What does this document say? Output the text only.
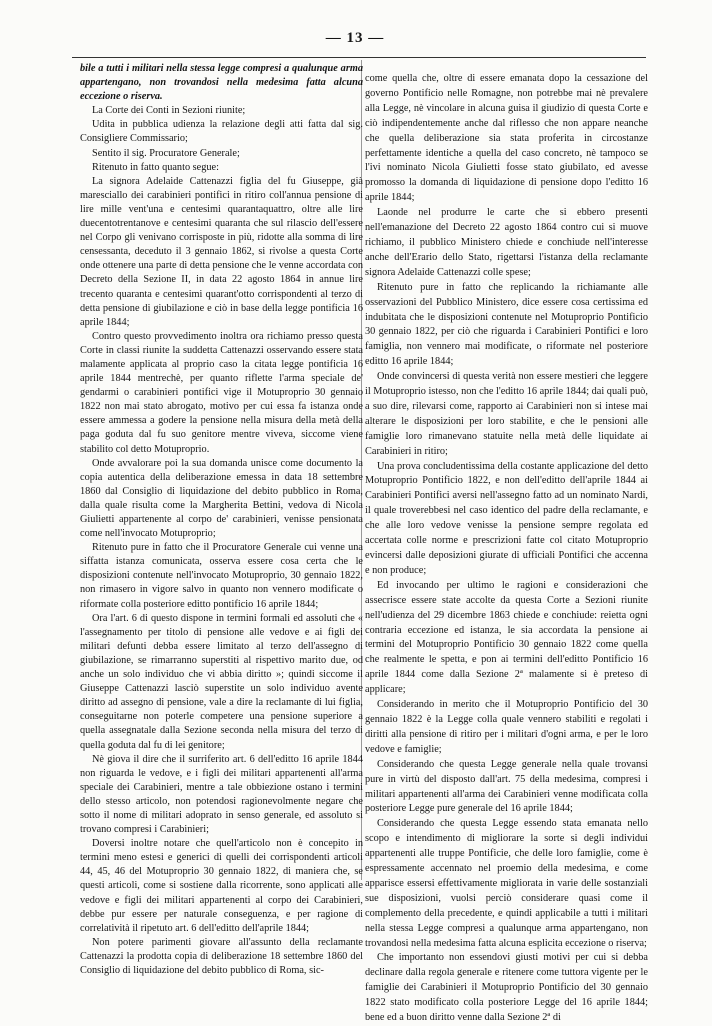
— 13 —

bile a tutti i militari nella stessa legge compresi a qualunque arma appartengano, non trovandosi nella medesima fatta alcuna eccezione o riserva.

La Corte dei Conti in Sezioni riunite;

Udita in pubblica udienza la relazione degli atti fatta dal sig. Consigliere Commissario;

Sentito il sig. Procuratore Generale;

Ritenuto in fatto quanto segue:

La signora Adelaide Cattenazzi figlia del fu Giuseppe, già maresciallo dei carabinieri pontifici in ritiro coll'annua pensione di lire mille vent'una e centesimi quarantaquattro, oltre alle lire duecentotrentanove e centesimi quaranta che sul rilascio dell'essere nel Corpo gli venivano corrisposte in più, ridotte alla somma di lire censessanta, deceduto il 3 gennaio 1862, si rivolse a questa Corte onde ottenere una parte di detta pensione che le venne accordata con Decreto della Sezione II, in data 22 agosto 1864 in annue lire trecento quaranta e centesimi quarant'otto corrispondenti al terzo di detta pensione di giubilazione e ciò in base della legge pontificia 16 aprile 1844;

Contro questo provvedimento inoltra ora richiamo presso questa Corte in classi riunite la suddetta Cattenazzi osservando essere stata malamente applicata al proprio caso la citata legge pontificia 16 aprile 1844 mentrechè, per quanto riflette l'arma speciale de' gendarmi o carabinieri pontifici vige il Motuproprio 30 gennaio 1822 non mai stato abrogato, motivo per cui essa fa istanza onde essere ammessa a godere la pensione nella misura della metà della paga goduta dal fu suo genitore mentre viveva, siccome viene stabilito col detto Motuproprio.

Onde avvalorare poi la sua domanda unisce come documento la copia autentica della deliberazione emessa in data 18 settembre 1860 dal Consiglio di liquidazione del debito pubblico in Roma, dalla quale risulta come la Margherita Bettini, vedova di Nicola Giulietti appartenente al corpo de' carabinieri, venisse pensionata come nell'invocato Motuproprio;

Ritenuto pure in fatto che il Procuratore Generale cui venne una siffatta istanza comunicata, osserva essere cosa certa che le disposizioni contenute nell'invocato Motuproprio, 30 gennaio 1822, non rimasero in vigore salvo in quanto non vennero modificate o riformate colla posteriore editto pontificio 16 aprile 1844;

Ora l'art. 6 di questo dispone in termini formali ed assoluti che « l'assegnamento per titolo di pensione alle vedove e ai figli dei militari defunti debba essere limitato al terzo dell'assegno di giubilazione, se rimarranno superstiti al rispettivo marito due, od anche un solo individuo che vi abbia diritto »; quindi siccome il Giuseppe Cattenazzi lasciò superstite un solo individuo avente diritto ad assegno di pensione, vale a dire la reclamante di lui figlia, conseguitarne non poterle competere una pensione superiore a quella assegnatale dalla Sezione seconda nella misura del terzo di quella goduta dal fu di lei genitore;

Nè giova il dire che il surriferito art. 6 dell'editto 16 aprile 1844 non riguarda le vedove, e i figli dei militari appartenenti all'arma speciale dei Carabinieri, mentre a tale obbiezione ostano i termini dello stesso articolo, non potendosi ragionevolmente negare che sotto il nome di militari adoprato in senso generale, ed assoluto si trovano compresi i Carabinieri;

Doversi inoltre notare che quell'articolo non è concepito in termini meno estesi e generici di quelli dei corrispondenti articoli 44, 45, 46 del Motuproprio 30 gennaio 1822, di maniera che, se questi articoli, come si sostiene dalla ricorrente, sono applicati alle vedove e figli dei militari appartenenti al corpo dei Carabinieri, debbe pur essere per naturale conseguenza, e per ragione di correlatività il ripetuto art. 6 dell'editto dell'aprile 1844;

Non potere parimenti giovare all'assunto della reclamante Cattenazzi la prodotta copia di deliberazione 18 settembre 1860 del Consiglio di liquidazione del debito pubblico di Roma, sic-

come quella che, oltre di essere emanata dopo la cessazione del governo Pontificio nelle Romagne, non potrebbe mai nè prevalere alla Legge, nè vincolare in alcuna guisa il giudizio di questa Corte e ciò indipendentemente anche dal riflesso che non appare neanche che quella deliberazione sia stata proferita in circostanze perfettamente identiche a quella del caso concreto, nè tampoco se l'ivi nominato Nicola Giulietti fosse stato giubilato, ed avesse promosso la domanda di liquidazione di pensione dopo l'editto 16 aprile 1844;

Laonde nel produrre le carte che si ebbero presenti nell'emanazione del Decreto 22 agosto 1864 contro cui si muove richiamo, il pubblico Ministero chiede e conchiude nell'interesse anche dell'Erario dello Stato, rigettarsi l'istanza della reclamante signora Adelaide Cattenazzi colle spese;

Ritenuto pure in fatto che replicando la richiamante alle osservazioni del Pubblico Ministero, dice essere cosa certissima ed indubitata che le disposizioni contenute nel Motuproprio Pontificio 30 gennaio 1822, per ciò che riguarda i Carabinieri Pontifici e loro famiglia, non vennero mai modificate, o riformate nel posteriore editto 16 aprile 1844;

Onde convincersi di questa verità non essere mestieri che leggere il Motuproprio istesso, non che l'editto 16 aprile 1844; dai quali può, a suo dire, rilevarsi come, rapporto ai Carabinieri non si intese mai alterare le disposizioni per loro stabilite, e che le pensioni alle famiglie loro rimanevano statuite nella metà delle liquidate ai Carabinieri in ritiro;

Una prova concludentissima della costante applicazione del detto Motuproprio Pontificio 1822, e non dell'editto dell'aprile 1844 ai Carabinieri Pontifici aversi nell'assegno fatto ad un nominato Nardi, il quale troverebbesi nel caso identico del padre della reclamante, e che alle loro vedove venisse la pensione sempre regolata ed accertata colle norme e prescrizioni fatte col citato Motuproprio evincersi dalle deposizioni giurate di ufficiali Pontifici che accenna e non produce;

Ed invocando per ultimo le ragioni e considerazioni che assecrisce essere state accolte da questa Corte a Sezioni riunite nell'udienza del 29 dicembre 1863 chiede e conchiude: reietta ogni contraria eccezione ed istanza, le sia accordata la pensione ai termini del Motuproprio Pontificio 30 gennaio 1822 come quella che realmente le spetta, e pon ai termini dell'editto Pontificio 16 aprile 1844 come dalla Sezione 2ª malamente si è preteso di applicare;

Considerando in merito che il Motuproprio Pontificio del 30 gennaio 1822 è la Legge colla quale vennero stabiliti e regolati i diritti alla pensione di ritiro per i militari d'ogni arma, e per le loro vedove e famiglie;

Considerando che questa Legge generale nella quale trovansi pure in virtù del disposto dall'art. 75 della medesima, compresi i militari appartenenti all'arma dei Carabinieri venne modificata colla posteriore Legge pure generale del 16 aprile 1844;

Considerando che questa Legge essendo stata emanata nello scopo e intendimento di migliorare la sorte si degli individui appartenenti alle truppe Pontificie, che delle loro famiglie, come è espressamente accennato nel proemio della medesima, e come apparisce essersi effettivamente migliorata in varie delle sostanziali sue disposizioni, vuolsi perciò considerare quasi come il complemento della precedente, e quindi applicabile a tutti i militari nella stessa Legge compresi a qualunque arma appartengano, non trovandosi nella medesima fatta alcuna esplicita eccezione o riserva;

Che importanto non essendovi giusti motivi per cui si debba declinare dalla regola generale e ritenere come tuttora vigente per le famiglie dei Carabinieri il Motuproprio Pontificio del 30 gennaio 1822 stato modificato colla posteriore Legge del 16 aprile 1844; bene ed a buon diritto venne dalla Sezione 2ª di
